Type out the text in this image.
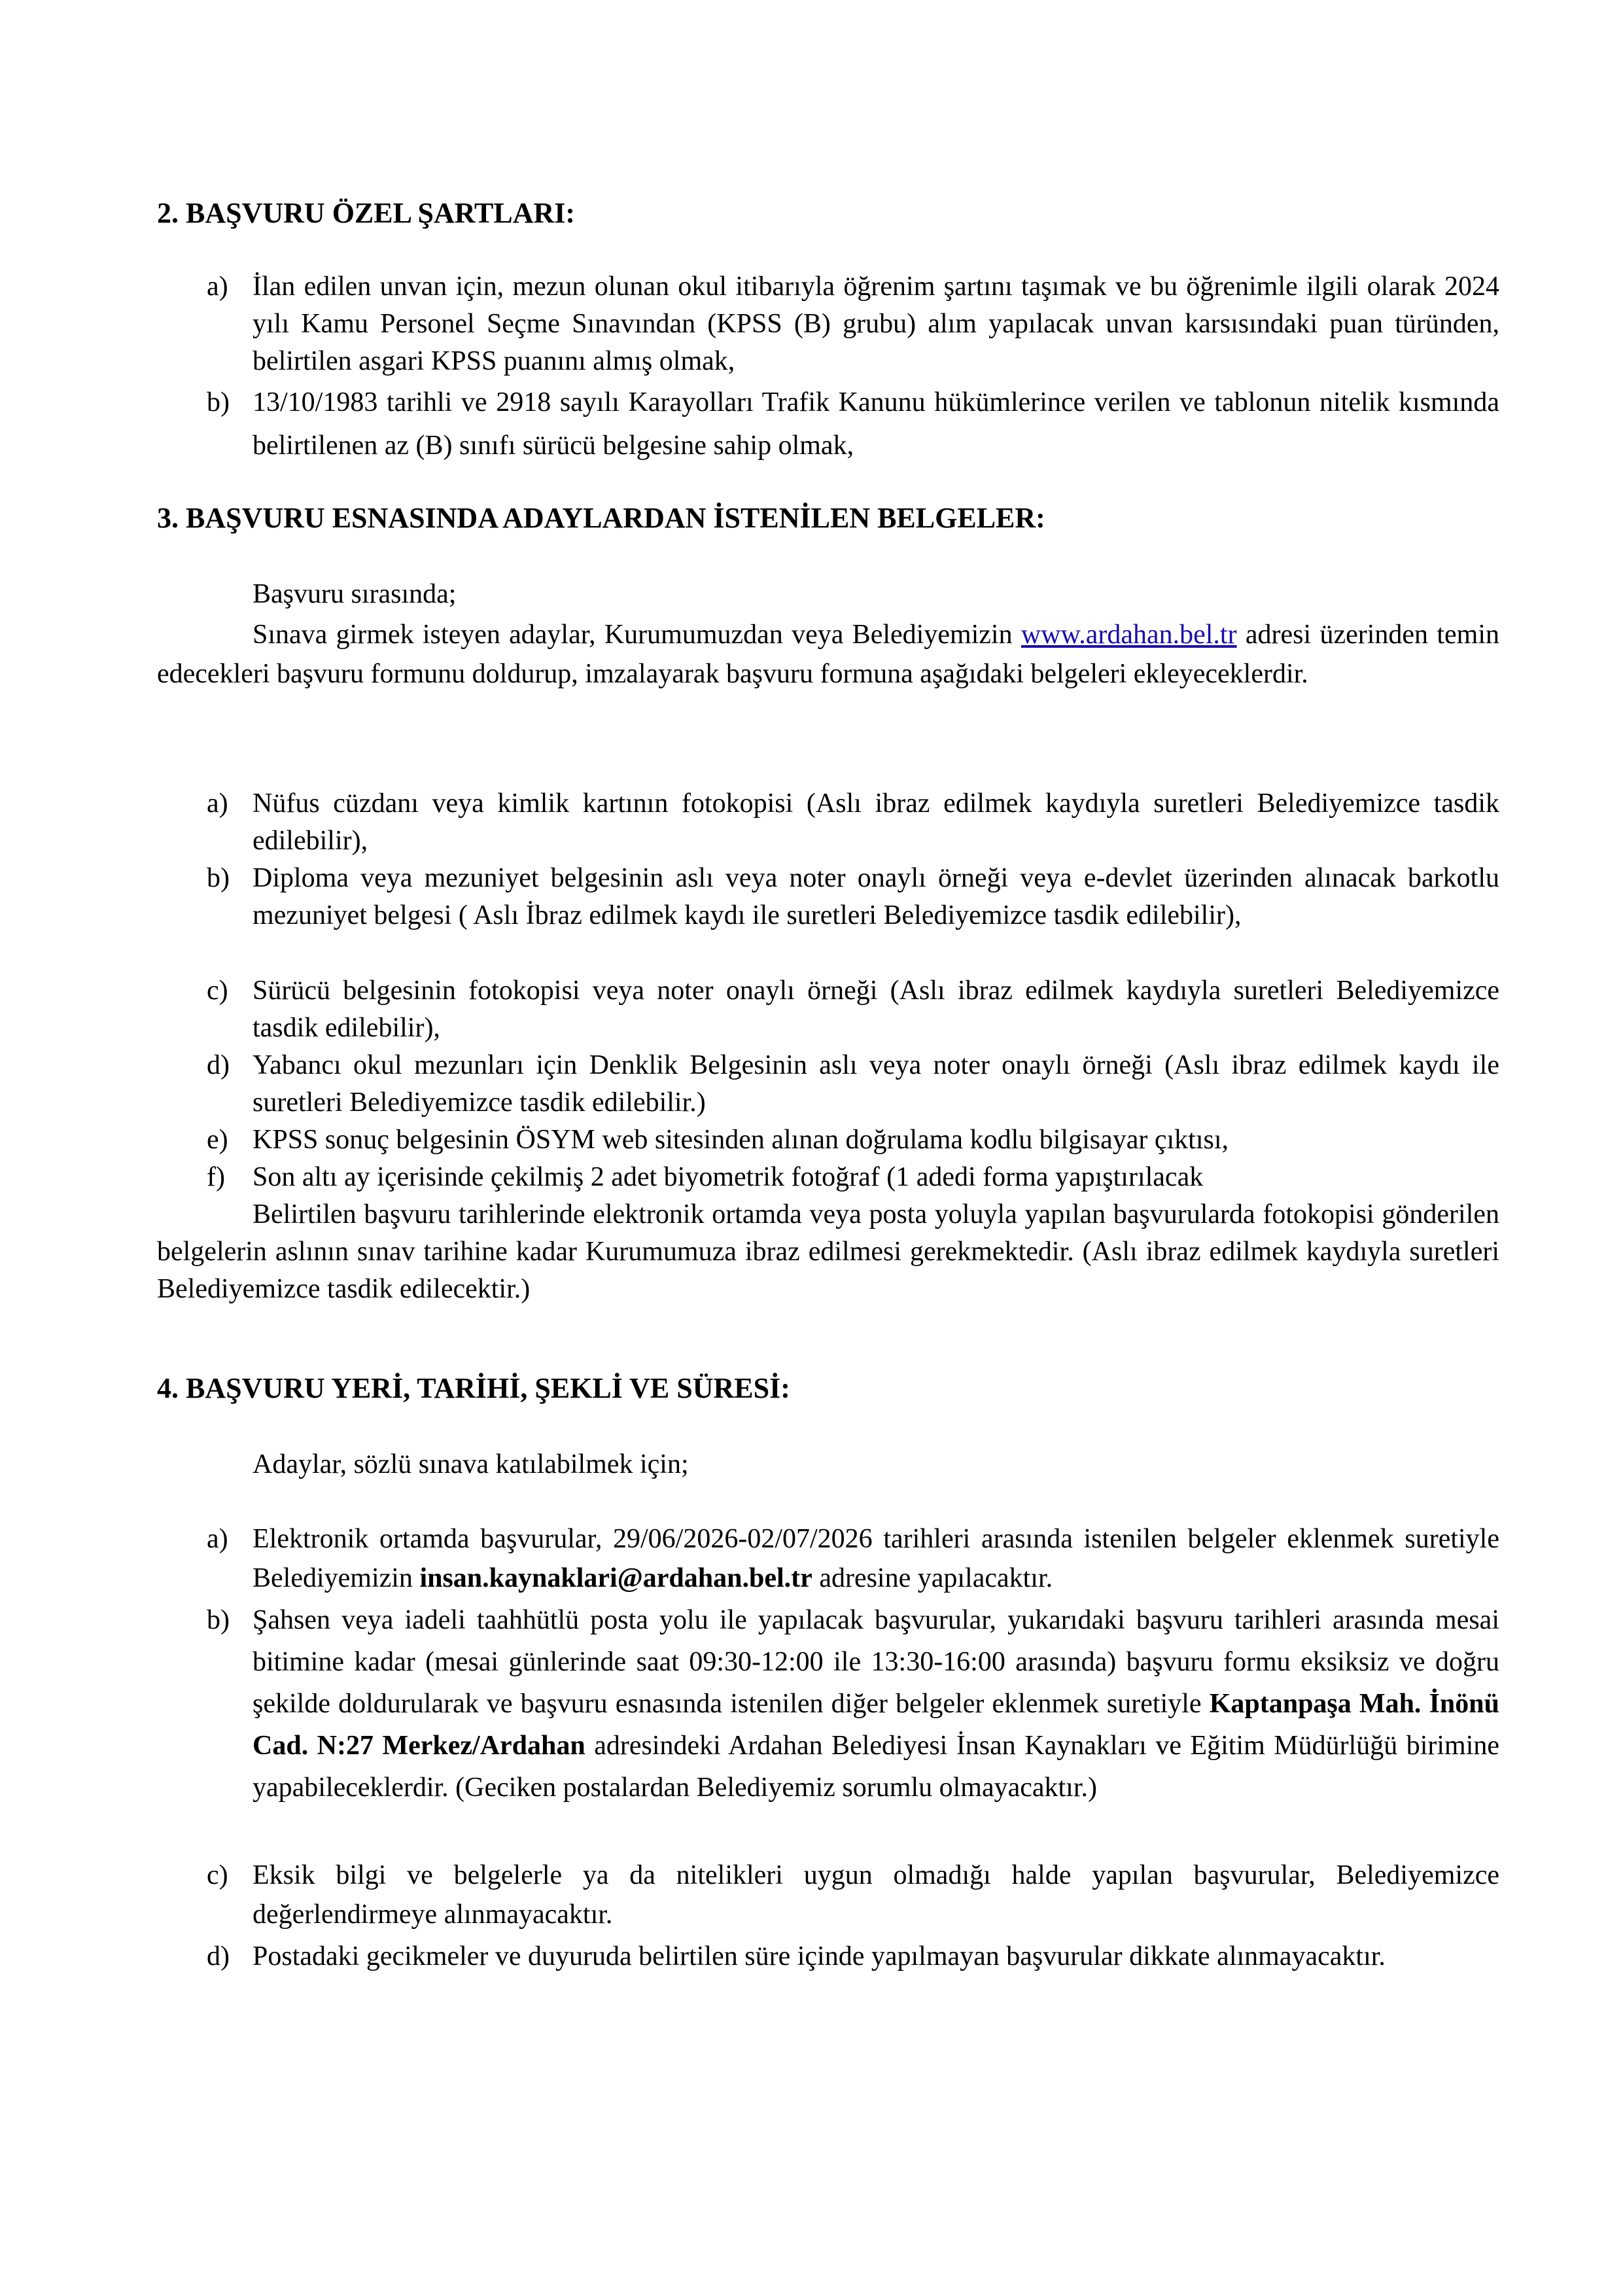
2. BAŞVURU ÖZEL ŞARTLARI:
a) İlan edilen unvan için, mezun olunan okul itibarıyla öğrenim şartını taşımak ve bu öğrenimle ilgili olarak 2024 yılı Kamu Personel Seçme Sınavından (KPSS (B) grubu) alım yapılacak unvan karsısındaki puan türünden, belirtilen asgari KPSS puanını almış olmak,
b) 13/10/1983 tarihli ve 2918 sayılı Karayolları Trafik Kanunu hükümlerince verilen ve tablonun nitelik kısmında belirtilenen az (B) sınıfı sürücü belgesine sahip olmak,
3. BAŞVURU ESNASINDA ADAYLARDAN İSTENİLEN BELGELER:

Başvuru sırasında;

Sınava girmek isteyen adaylar, Kurumumuzdan veya Belediyemizin www.ardahan.bel.tr adresi üzerinden temin edecekleri başvuru formunu doldurup, imzalayarak başvuru formuna aşağıdaki belgeleri ekleyeceklerdir.

a) Nüfus cüzdanı veya kimlik kartının fotokopisi (Aslı ibraz edilmek kaydıyla suretleri Belediyemizce tasdik edilebilir),
b) Diploma veya mezuniyet belgesinin aslı veya noter onaylı örneği veya e-devlet üzerinden alınacak barkotlu mezuniyet belgesi ( Aslı İbraz edilmek kaydı ile suretleri Belediyemizce tasdik edilebilir),
c) Sürücü belgesinin fotokopisi veya noter onaylı örneği (Aslı ibraz edilmek kaydıyla suretleri Belediyemizce tasdik edilebilir),
d) Yabancı okul mezunları için Denklik Belgesinin aslı veya noter onaylı örneği (Aslı ibraz edilmek kaydı ile suretleri Belediyemizce tasdik edilebilir.)
e) KPSS sonuç belgesinin ÖSYM web sitesinden alınan doğrulama kodlu bilgisayar çıktısı,
f)	Son altı ay içerisinde çekilmiş 2 adet biyometrik fotoğraf (1 adedi forma yapıştırılacak

Belirtilen başvuru tarihlerinde elektronik ortamda veya posta yoluyla yapılan başvurularda fotokopisi gönderilen belgelerin aslının sınav tarihine kadar Kurumumuza ibraz edilmesi gerekmektedir. (Aslı ibraz edilmek kaydıyla suretleri Belediyemizce tasdik edilecektir.)

4. BAŞVURU YERİ, TARİHİ, ŞEKLİ VE SÜRESİ:

Adaylar, sözlü sınava katılabilmek için;

a) Elektronik ortamda başvurular, 29/06/2026-02/07/2026 tarihleri arasında istenilen belgeler eklenmek suretiyle Belediyemizin insan.kaynaklari@ardahan.bel.tr adresine yapılacaktır.
b) Şahsen veya iadeli taahhütlü posta yolu ile yapılacak başvurular, yukarıdaki başvuru tarihleri arasında mesai bitimine kadar (mesai günlerinde saat 09:30-12:00 ile 13:30-16:00 arasında) başvuru formu eksiksiz ve doğru şekilde doldurularak ve başvuru esnasında istenilen diğer belgeler eklenmek suretiyle Kaptanpaşa Mah. İnönü Cad. N:27 Merkez/Ardahan adresindeki Ardahan Belediyesi İnsan Kaynakları ve Eğitim Müdürlüğü birimine yapabileceklerdir. (Geciken postalardan Belediyemiz sorumlu olmayacaktır.)
c) Eksik bilgi ve belgelerle ya da nitelikleri uygun olmadığı halde yapılan başvurular, Belediyemizce değerlendirmeye alınmayacaktır.
d) Postadaki gecikmeler ve duyuruda belirtilen süre içinde yapılmayan başvurular dikkate alınmayacaktır.
